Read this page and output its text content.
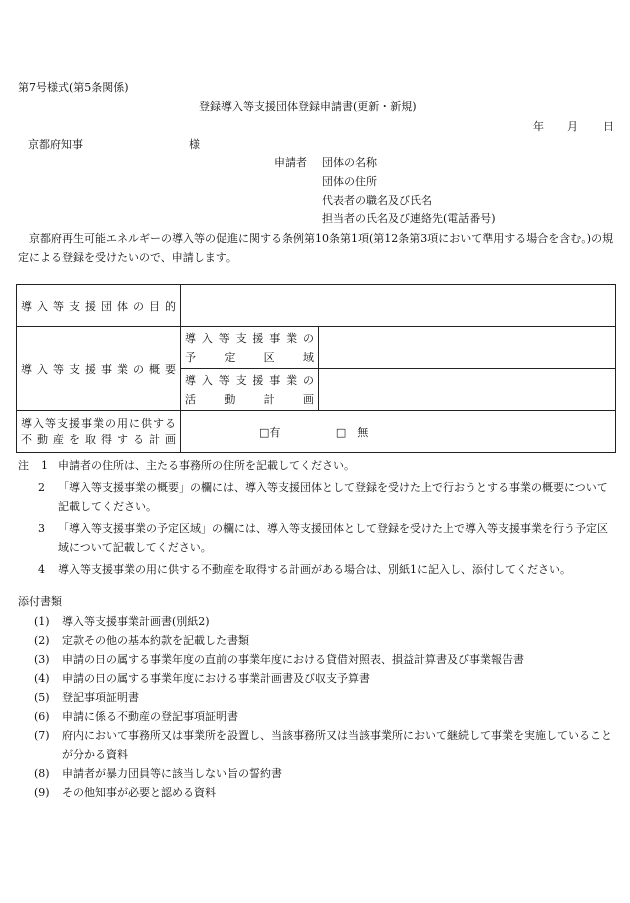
第7号様式(第5条関係)
登録導入等支援団体登録申請書(更新・新規)
年 月 日
京都府知事	様
申請者 団体の名称
団体の住所
代表者の職名及び氏名
担当者の氏名及び連絡先(電話番号)
京都府再生可能エネルギーの導入等の促進に関する条例第10条第1項(第12条第3項において準用する場合を含む。)の規定による登録を受けたいので、申請します。
導入等支援団体の目的		
導入等支援事業の概要	導入等支援事業の
予定区域	

	導入等支援事業の
活動計画	

導入等支援事業の用に供する
不動産を取得する計画	□有 □　無	
注 1 申請者の住所は、主たる事務所の住所を記載してください。
2	「導入等支援事業の概要」の欄には、導入等支援団体として登録を受けた上で行おうとする事業の概要について記載してください。
3	「導入等支援事業の予定区域」の欄には、導入等支援団体として登録を受けた上で導入等支援事業を行う予定区域について記載してください。
4	導入等支援事業の用に供する不動産を取得する計画がある場合は、別紙1に記入し、添付してください。
添付書類
(1) 導入等支援事業計画書(別紙2)
(2) 定款その他の基本約款を記載した書類
(3) 申請の日の属する事業年度の直前の事業年度における貸借対照表、損益計算書及び事業報告書
(4) 申請の日の属する事業年度における事業計画書及び収支予算書
(5) 登記事項証明書
(6) 申請に係る不動産の登記事項証明書
(7) 府内において事務所又は事業所を設置し、当該事務所又は当該事業所において継続して事業を実施していることが分かる資料
(8) 申請者が暴力団員等に該当しない旨の誓約書
(9) その他知事が必要と認める資料
